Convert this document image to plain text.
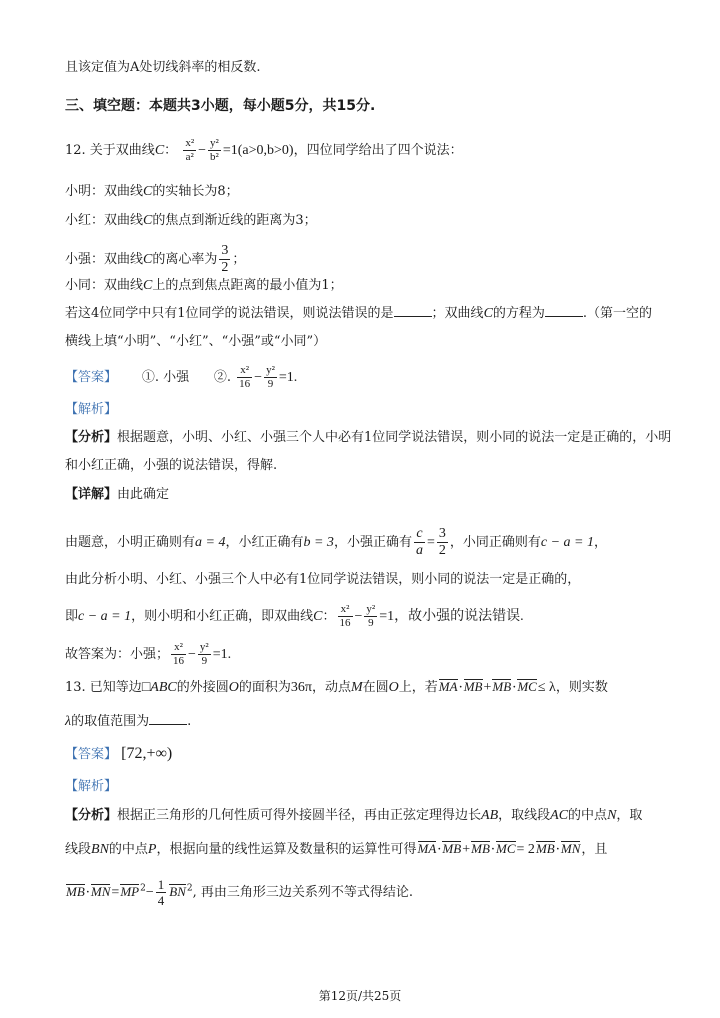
且该定值为A处切线斜率的相反数.
三、填空题：本题共3小题，每小题5分，共15分.
12. 关于双曲线C： $\frac{\text{x²}}{\text{a²}} - \frac{\text{y²}}{\text{b²}} =1(a>0,b>0)$，四位同学给出了四个说法：
小明：双曲线C的实轴长为8；
小红：双曲线C的焦点到渐近线的距离为3；
小强：双曲线C的离心率为 $\frac{3}{2}$ ；
小同：双曲线C上的点到焦点距离的最小值为1；
若这4位同学中只有1位同学的说法错误，则说法错误的是	；双曲线C的方程为	.（第一空的
横线上填“小明”、“小红”、“小强”或“小同”）
【答案】 ①. 小强 ②. $\frac{\text{x²}}{16} - \frac{\text{y²}}{9} =1$.
【解析】
【分析】根据题意，小明、小红、小强三个人中必有1位同学说法错误，则小同的说法一定是正确的，小明
和小红正确，小强的说法错误，得解.
【详解】由此确定
由题意，小明正确则有a = 4，小红正确有b = 3，小强正确有 $\frac{c}{a} = \frac{3}{2}$ ，小同正确则有c − a = 1，
由此分析小明、小红、小强三个人中必有1位同学说法错误，则小同的说法一定是正确的，
即c − a = 1，则小明和小红正确，即双曲线C： $\frac{\text{x²}}{16} - \frac{\text{y²}}{9} =1$，故小强的说法错误.
故答案为：小强； $\frac{\text{x²}}{16} - \frac{\text{y²}}{9} =1$.
13. 已知等边□ABC的外接圆O的面积为36π，动点M在圆O上，若MA·MB+MB·MC≤ λ，则实数
λ的取值范围为	.
【答案】 [72,+∞)
【解析】
【分析】根据正三角形的几何性质可得外接圆半径，再由正弦定理得边长AB，取线段AC的中点N，取
线段BN的中点P，根据向量的线性运算及数量积的运算性可得MA·MB+MB·MC= 2MB·MN，且
$MB\cdot MN=MP^2- \frac{1}{4} BN^2$, 再由三角形三边关系列不等式得结论.
第12页/共25页
